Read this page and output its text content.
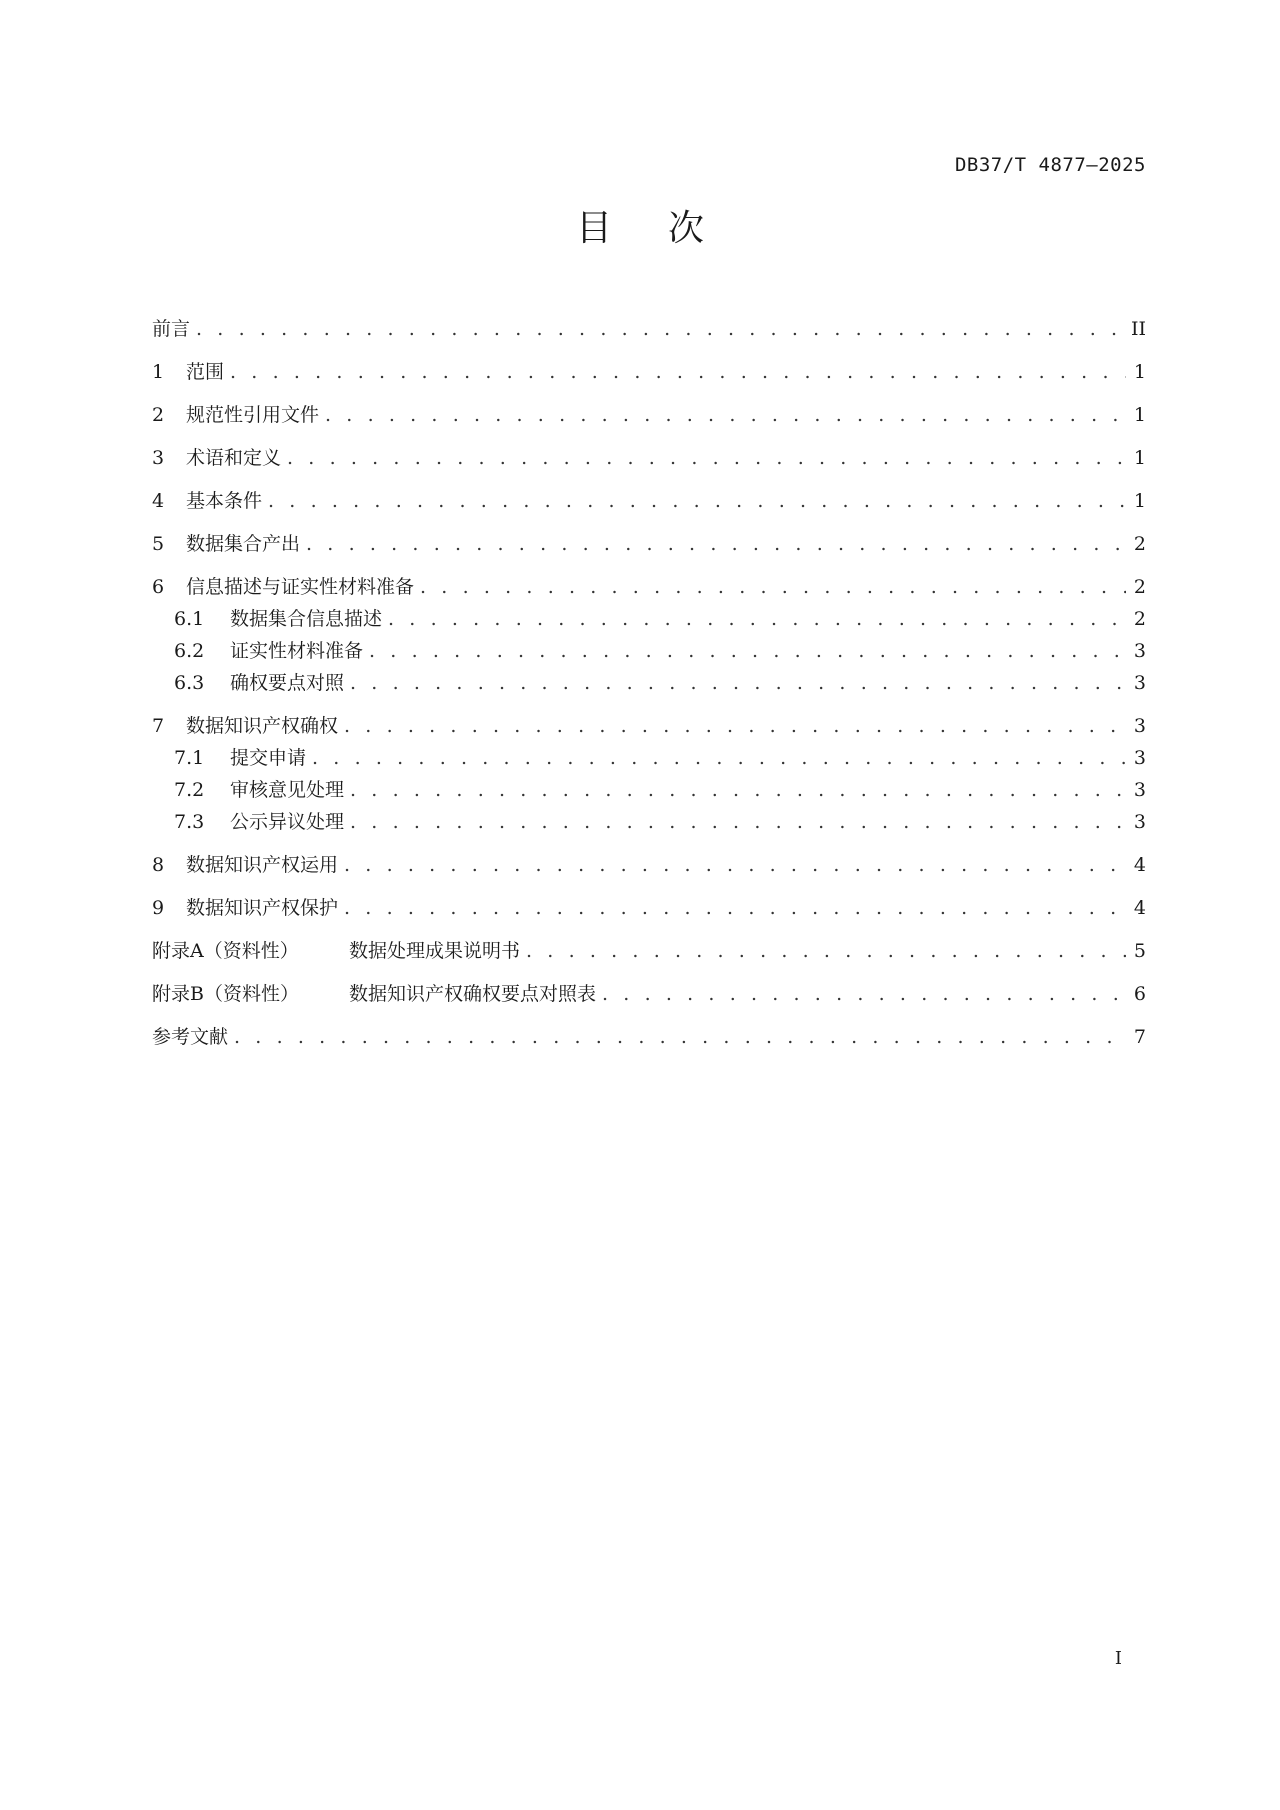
DB37/T 4877—2025
目次
前言 . . .	II
1	范围 . . .	1
2	规范性引用文件 . . .	1
3	术语和定义 . . .	1
4	基本条件 . . .	1
5	数据集合产出 . . .	2
6	信息描述与证实性材料准备 . . .	2
6.1	数据集合信息描述 . . .	2
6.2	证实性材料准备 . . .	3
6.3	确权要点对照 . . .	3
7	数据知识产权确权 . . .	3
7.1	提交申请 . . .	3
7.2	审核意见处理 . . .	3
7.3	公示异议处理 . . .	3
8	数据知识产权运用 . . .	4
9	数据知识产权保护 . . .	4
附录A（资料性）	数据处理成果说明书 . . .	5
附录B（资料性）	数据知识产权确权要点对照表 . . .	6
参考文献 . . .	7
I
